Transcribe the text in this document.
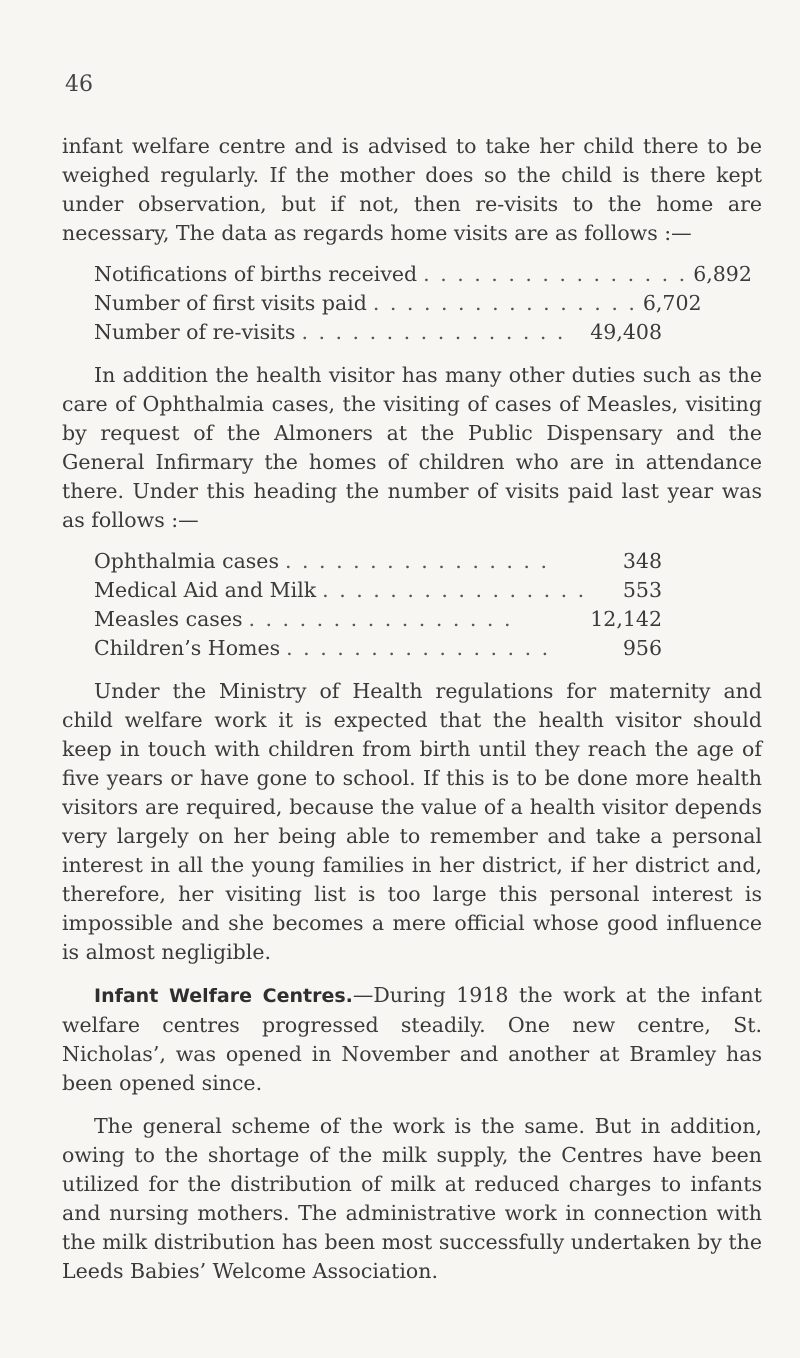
46

infant welfare centre and is advised to take her child there to be weighed regularly. If the mother does so the child is there kept under observation, but if not, then re-visits to the home are necessary, The data as regards home visits are as follows :—

Notifications of births received . . . . . . . . . . . . . . . . 6,892
Number of first visits paid . . . . . . . . . . . . . . . . 6,702
Number of re-visits . . . . . . . . . . . . . . . .	49,408

In addition the health visitor has many other duties such as the care of Ophthalmia cases, the visiting of cases of Measles, visiting by request of the Almoners at the Public Dispensary and the General Infirmary the homes of children who are in attendance there. Under this heading the number of visits paid last year was as follows :—

Ophthalmia cases . . . . . . . . . . . . . . . .	348
Medical Aid and Milk . . . . . . . . . . . . . . . .	553
Measles cases . . . . . . . . . . . . . . . .	12,142
Children’s Homes . . . . . . . . . . . . . . . .	956

Under the Ministry of Health regulations for maternity and child welfare work it is expected that the health visitor should keep in touch with children from birth until they reach the age of five years or have gone to school. If this is to be done more health visitors are required, because the value of a health visitor depends very largely on her being able to remember and take a personal interest in all the young families in her district, if her district and, therefore, her visiting list is too large this personal interest is impossible and she becomes a mere official whose good influence is almost negligible.

Infant Welfare Centres.—During 1918 the work at the infant welfare centres progressed steadily. One new centre, St. Nicholas’, was opened in November and another at Bramley has been opened since.

The general scheme of the work is the same. But in addition, owing to the shortage of the milk supply, the Centres have been utilized for the distribution of milk at reduced charges to infants and nursing mothers. The administrative work in connection with the milk distribution has been most successfully undertaken by the Leeds Babies’ Welcome Association.
